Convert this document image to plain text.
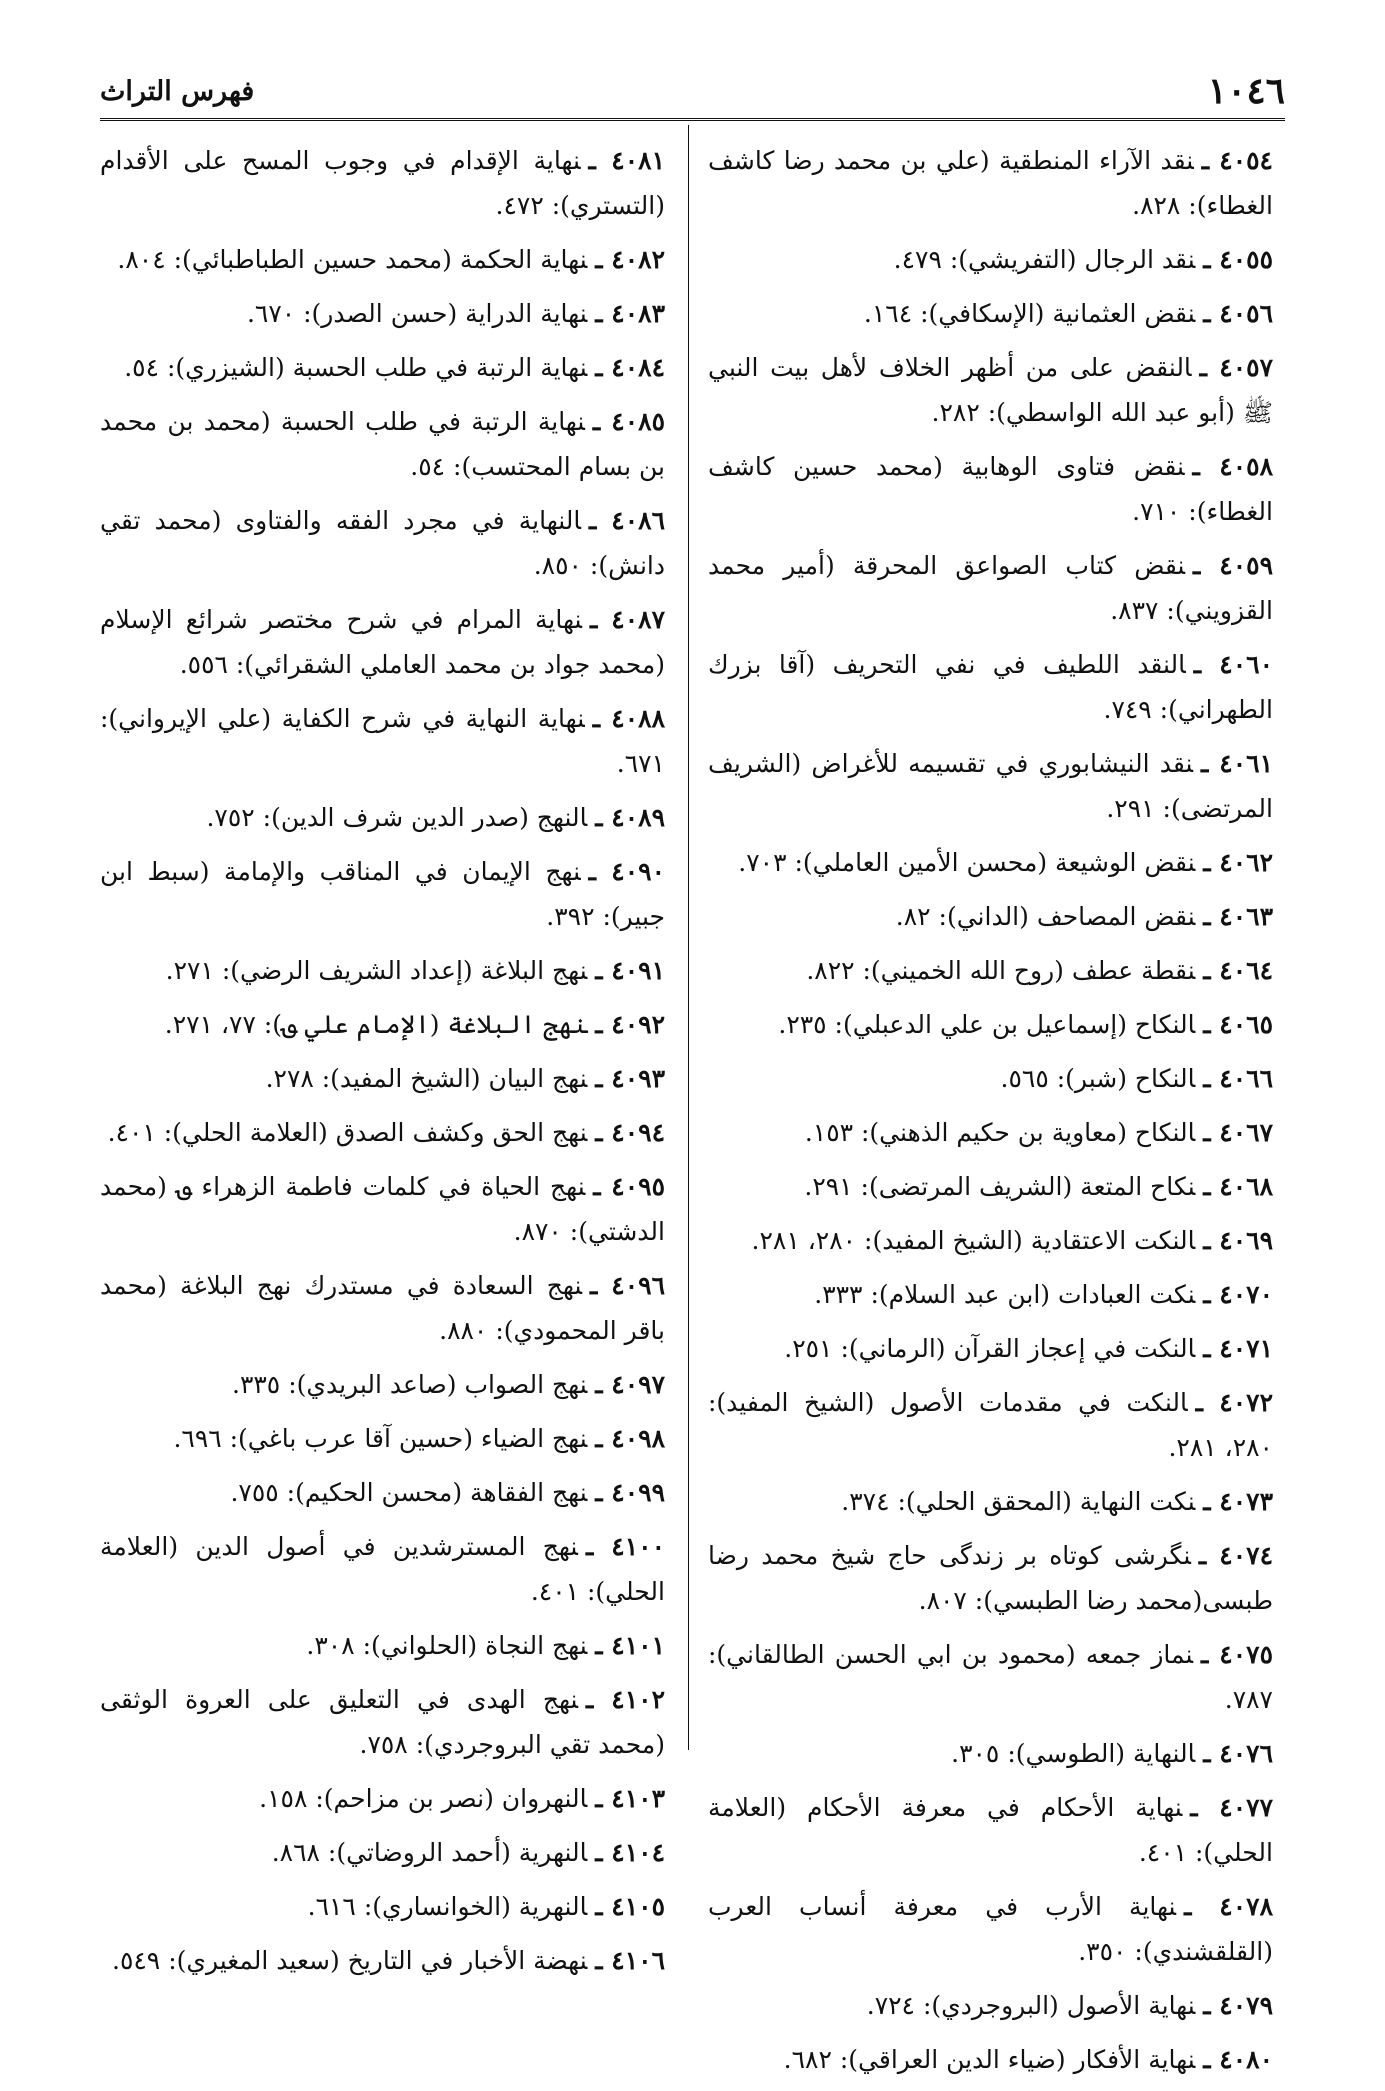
١٠٤٦
فهرس التراث

٤٠٥٤ ـنقد الآراء المنطقية (علي بن محمد رضا كاشف الغطاء): ٨٢٨.

٤٠٥٥ ـنقد الرجال (التفريشي): ٤٧٩.

٤٠٥٦ ـنقض العثمانية (الإسكافي): ١٦٤.

٤٠٥٧ ـالنقض على من أظهر الخلاف لأهل بيت النبي ﷺ (أبو عبد الله الواسطي): ٢٨٢.

٤٠٥٨ ـنقض فتاوى الوهابية (محمد حسين كاشف الغطاء): ٧١٠.

٤٠٥٩ ـنقض كتاب الصواعق المحرقة (أمير محمد القزويني): ٨٣٧.

٤٠٦٠ ـالنقد اللطيف في نفي التحريف (آقا بزرك الطهراني): ٧٤٩.

٤٠٦١ ـنقد النيشابوري في تقسيمه للأغراض (الشريف المرتضى): ٢٩١.

٤٠٦٢ ـنقض الوشيعة (محسن الأمين العاملي): ٧٠٣.

٤٠٦٣ ـنقض المصاحف (الداني): ٨٢.

٤٠٦٤ ـنقطة عطف (روح الله الخميني): ٨٢٢.

٤٠٦٥ ـالنكاح (إسماعيل بن علي الدعبلي): ٢٣٥.

٤٠٦٦ ـالنكاح (شبر): ٥٦٥.

٤٠٦٧ ـالنكاح (معاوية بن حكيم الذهني): ١٥٣.

٤٠٦٨ ـنكاح المتعة (الشريف المرتضى): ٢٩١.

٤٠٦٩ ـالنكت الاعتقادية (الشيخ المفيد): ٢٨٠، ٢٨١.

٤٠٧٠ ـنكت العبادات (ابن عبد السلام): ٣٣٣.

٤٠٧١ ـالنكت في إعجاز القرآن (الرماني): ٢٥١.

٤٠٧٢ ـالنكت في مقدمات الأصول (الشيخ المفيد): ٢٨٠، ٢٨١.

٤٠٧٣ ـنكت النهاية (المحقق الحلي): ٣٧٤.

٤٠٧٤ ـنگرشى كوتاه بر زندگى حاج شيخ محمد رضا طبسى(محمد رضا الطبسي): ٨٠٧.

٤٠٧٥ ـنماز جمعه (محمود بن ابي الحسن الطالقاني): ٧٨٧.

٤٠٧٦ ـالنهاية (الطوسي): ٣٠٥.

٤٠٧٧ ـنهاية الأحكام في معرفة الأحكام (العلامة الحلي): ٤٠١.

٤٠٧٨ ـنهاية الأرب في معرفة أنساب العرب (القلقشندي): ٣٥٠.

٤٠٧٩ ـنهاية الأصول (البروجردي): ٧٢٤.

٤٠٨٠ ـنهاية الأفكار (ضياء الدين العراقي): ٦٨٢.

٤٠٨١ ـنهاية الإقدام في وجوب المسح على الأقدام (التستري): ٤٧٢.

٤٠٨٢ ـنهاية الحكمة (محمد حسين الطباطبائي): ٨٠٤.

٤٠٨٣ ـنهاية الدراية (حسن الصدر): ٦٧٠.

٤٠٨٤ ـنهاية الرتبة في طلب الحسبة (الشيزري): ٥٤.

٤٠٨٥ ـنهاية الرتبة في طلب الحسبة (محمد بن محمد بن بسام المحتسب): ٥٤.

٤٠٨٦ ـالنهاية في مجرد الفقه والفتاوى (محمد تقي دانش): ٨٥٠.

٤٠٨٧ ـنهاية المرام في شرح مختصر شرائع الإسلام (محمد جواد بن محمد العاملي الشقرائي): ٥٥٦.

٤٠٨٨ ـنهاية النهاية في شرح الكفاية (علي الإيرواني): ٦٧١.

٤٠٨٩ ـالنهج (صدر الدين شرف الدين): ٧٥٢.

٤٠٩٠ ـنهج الإيمان في المناقب والإمامة (سبط ابن جبير): ٣٩٢.

٤٠٩١ ـنهج البلاغة (إعداد الشريف الرضي): ٢٧١.

٤٠٩٢ ـنهج البلاغة (الإمام علي ؈): ٧٧، ٢٧١.

٤٠٩٣ ـنهج البيان (الشيخ المفيد): ٢٧٨.

٤٠٩٤ ـنهج الحق وكشف الصدق (العلامة الحلي): ٤٠١.

٤٠٩٥ ـنهج الحياة في كلمات فاطمة الزهراء ؈ (محمد الدشتي): ٨٧٠.

٤٠٩٦ ـنهج السعادة في مستدرك نهج البلاغة (محمد باقر المحمودي): ٨٨٠.

٤٠٩٧ ـنهج الصواب (صاعد البريدي): ٣٣٥.

٤٠٩٨ ـنهج الضياء (حسين آقا عرب باغي): ٦٩٦.

٤٠٩٩ ـنهج الفقاهة (محسن الحكيم): ٧٥٥.

٤١٠٠ ـنهج المسترشدين في أصول الدين (العلامة الحلي): ٤٠١.

٤١٠١ ـنهج النجاة (الحلواني): ٣٠٨.

٤١٠٢ ـنهج الهدى في التعليق على العروة الوثقى (محمد تقي البروجردي): ٧٥٨.

٤١٠٣ ـالنهروان (نصر بن مزاحم): ١٥٨.

٤١٠٤ ـالنهرية (أحمد الروضاتي): ٨٦٨.

٤١٠٥ ـالنهرية (الخوانساري): ٦١٦.

٤١٠٦ ـنهضة الأخبار في التاريخ (سعيد المغيري): ٥٤٩.
